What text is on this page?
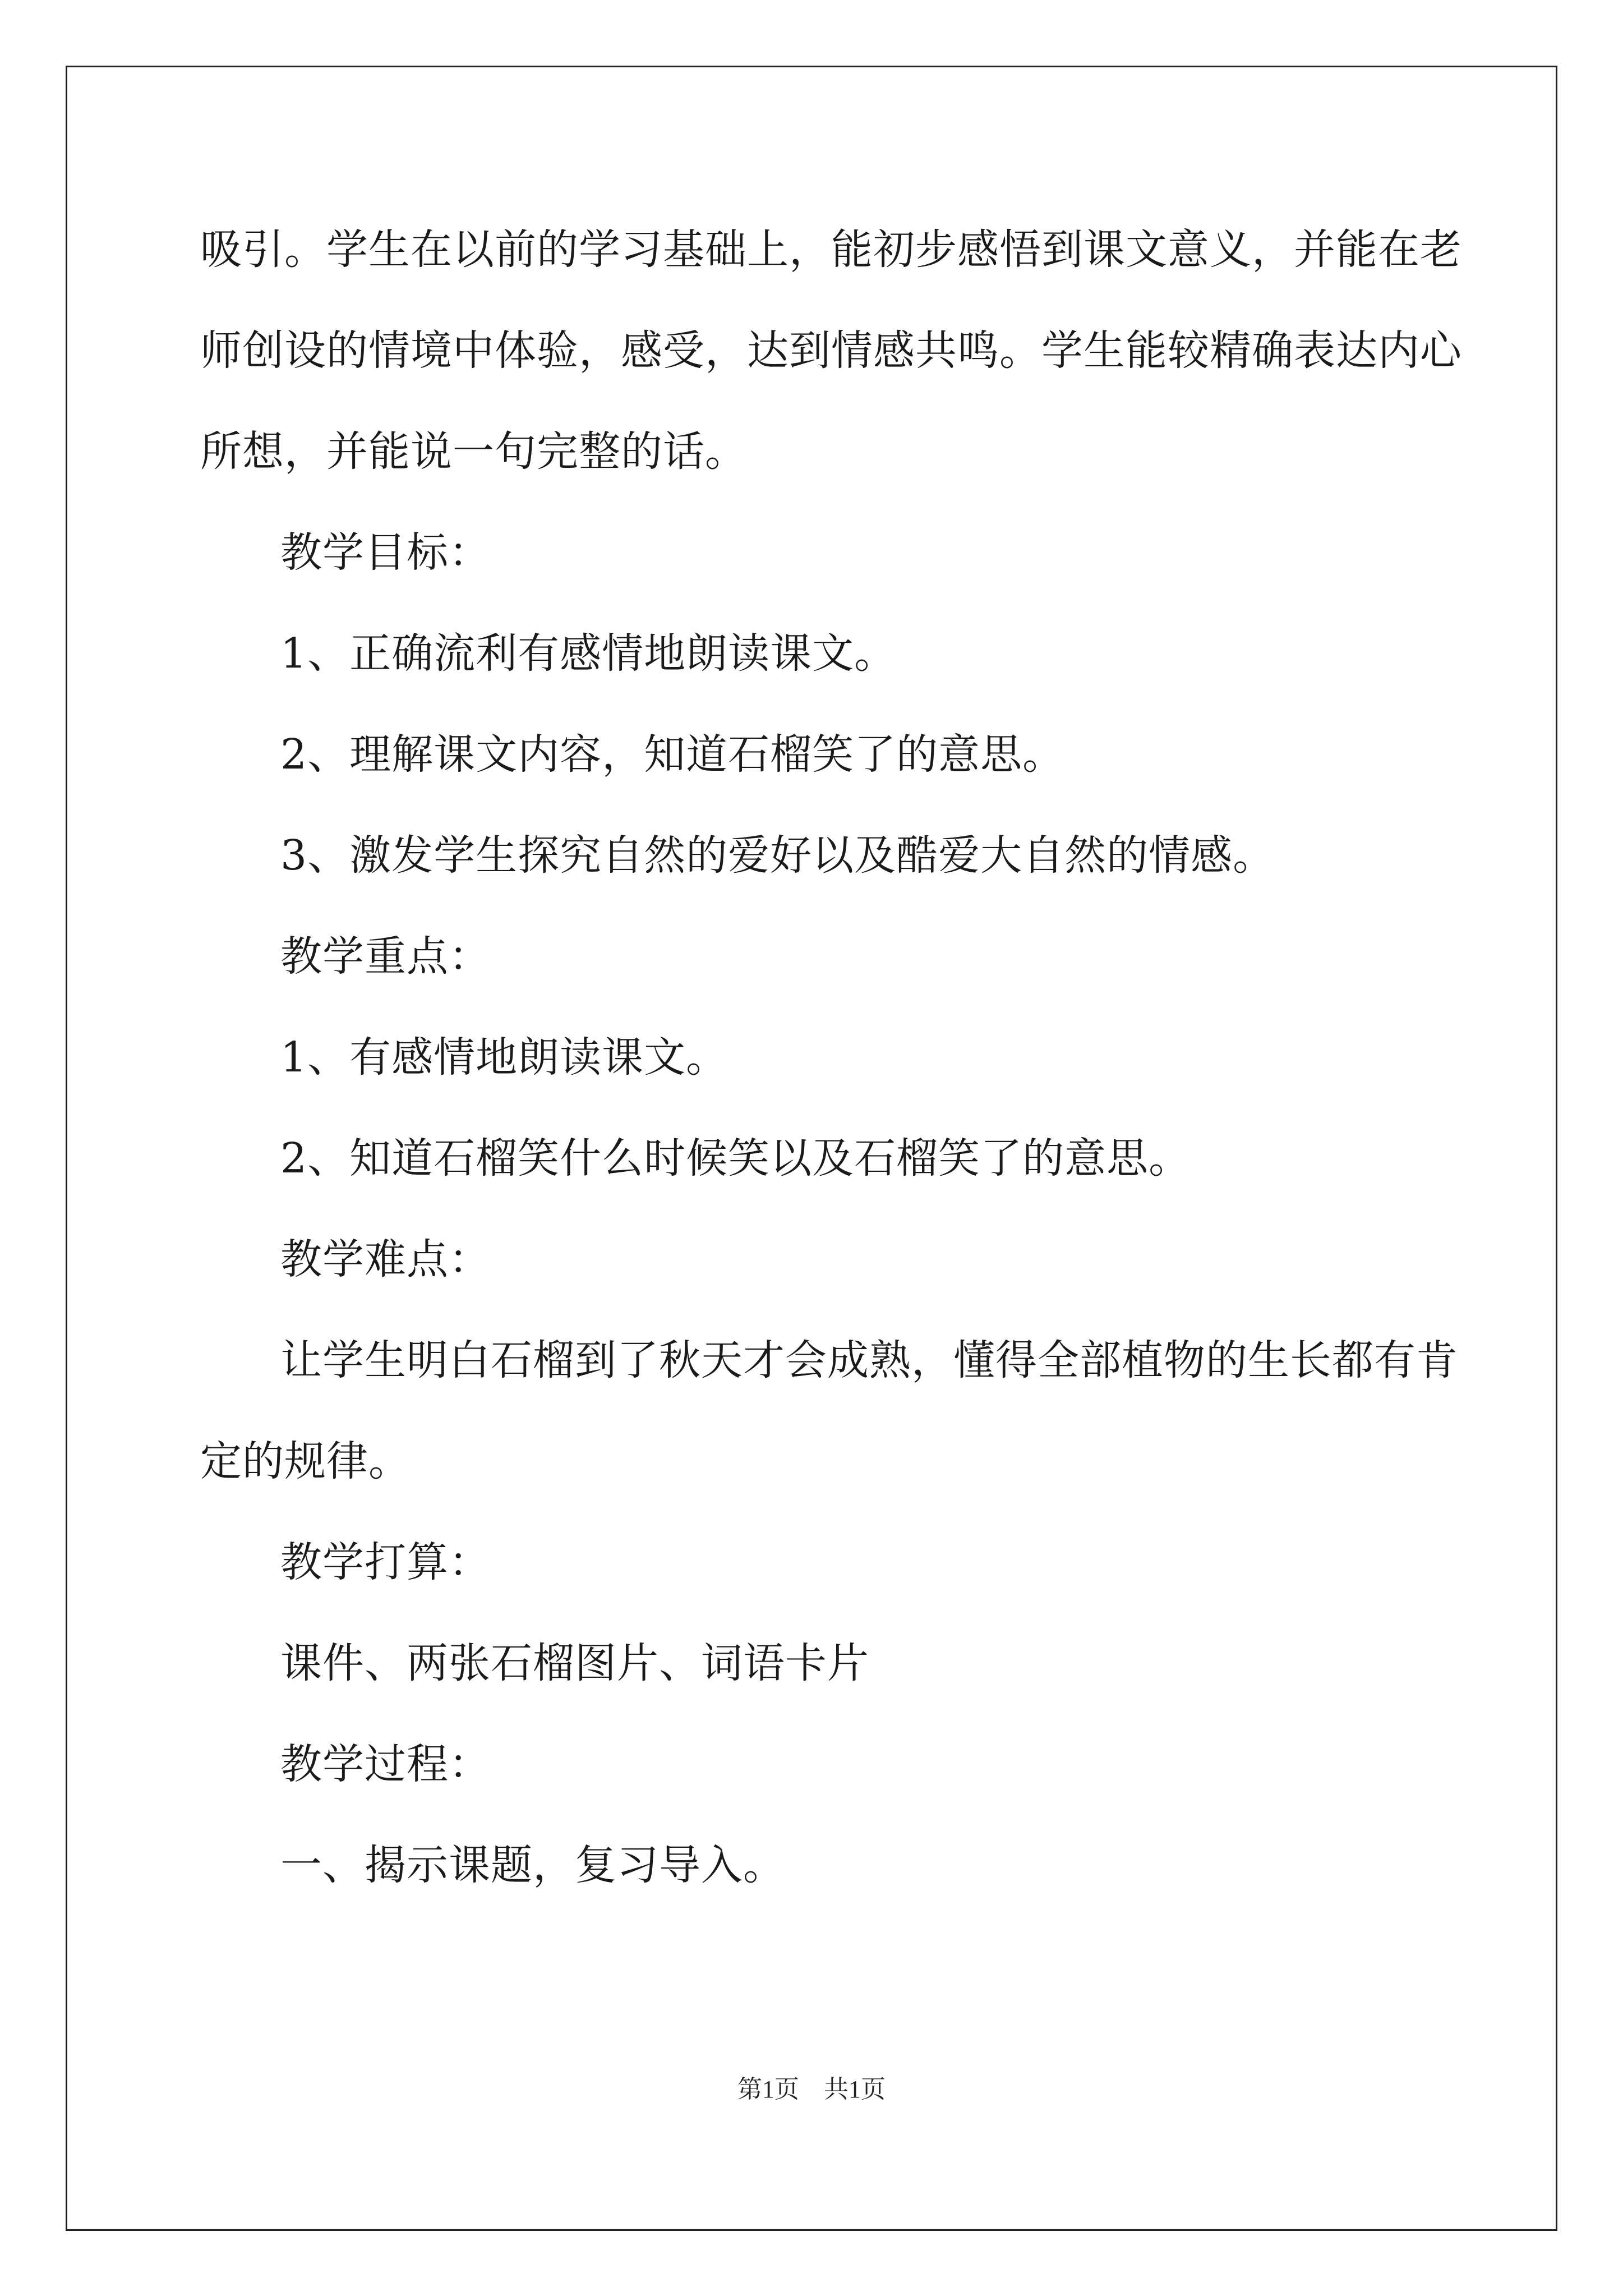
吸引。学生在以前的学习基础上，能初步感悟到课文意义，并能在老
师创设的情境中体验，感受，达到情感共鸣。学生能较精确表达内心
所想，并能说一句完整的话。
教学目标：
1、正确流利有感情地朗读课文。
2、理解课文内容，知道石榴笑了的意思。
3、激发学生探究自然的爱好以及酷爱大自然的情感。
教学重点：
1、有感情地朗读课文。
2、知道石榴笑什么时候笑以及石榴笑了的意思。
教学难点：
让学生明白石榴到了秋天才会成熟，懂得全部植物的生长都有肯
定的规律。
教学打算：
课件、两张石榴图片、词语卡片
教学过程：
一、揭示课题，复习导入。
第1页　共1页
